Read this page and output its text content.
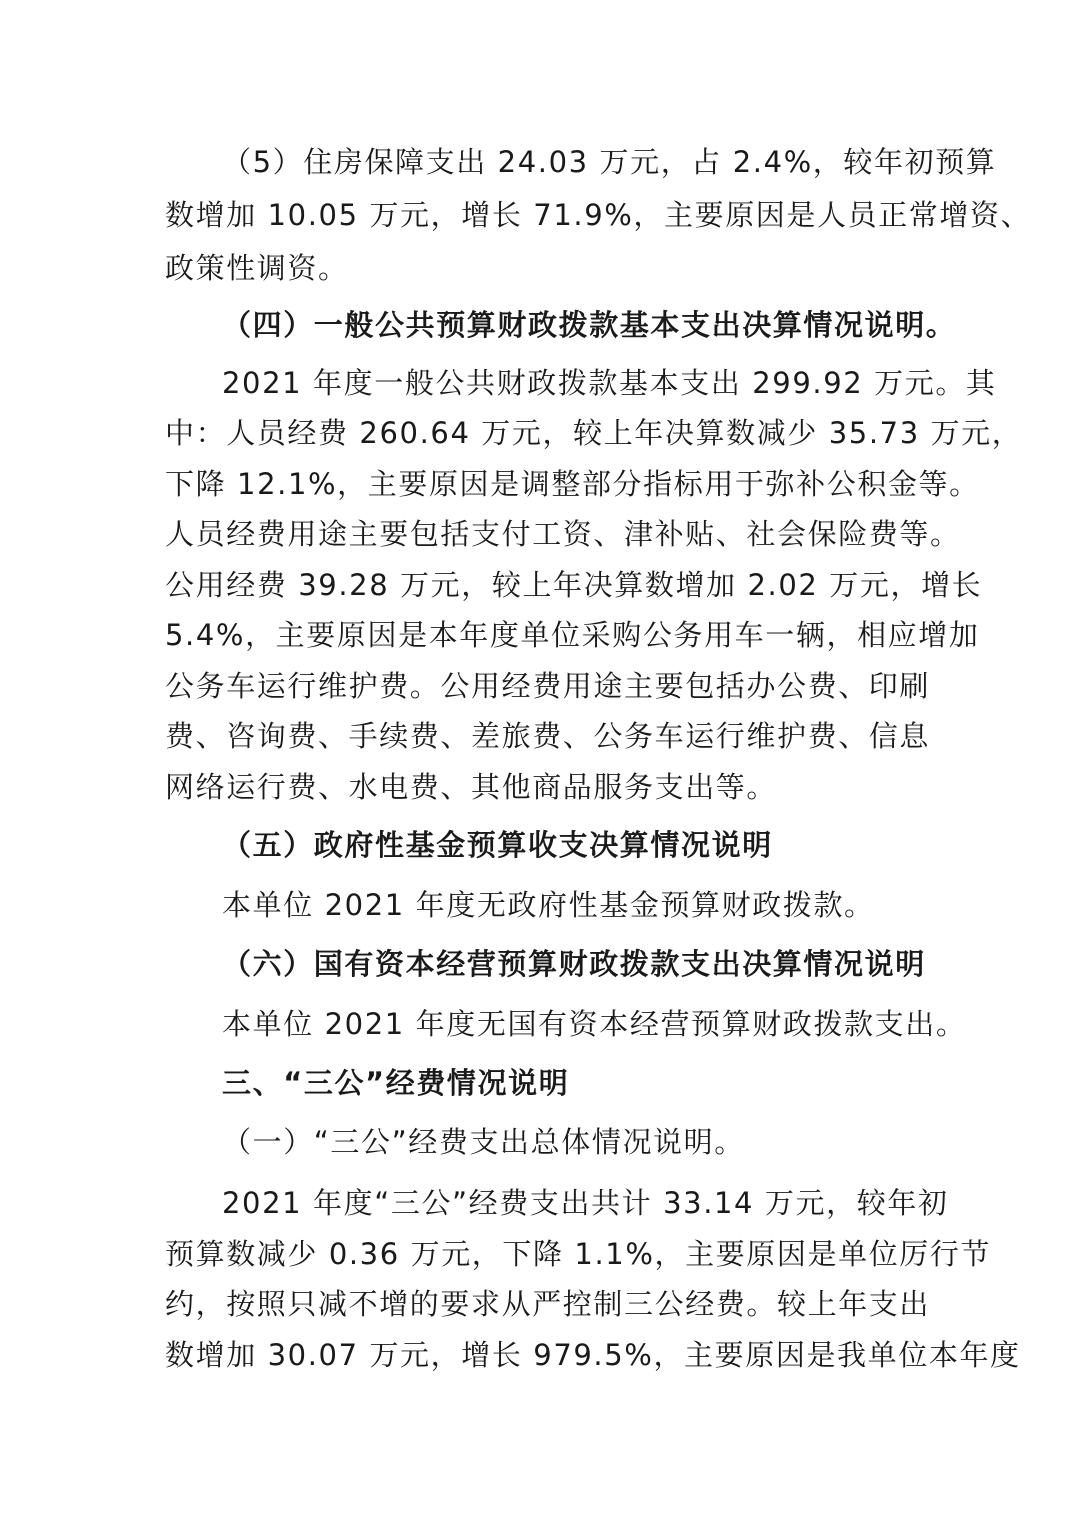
（5）住房保障支出 24.03 万元，占 2.4%，较年初预算
数增加 10.05 万元，增长 71.9%，主要原因是人员正常增资、
政策性调资。
（四）一般公共预算财政拨款基本支出决算情况说明。
2021 年度一般公共财政拨款基本支出 299.92 万元。其
中：人员经费 260.64 万元，较上年决算数减少 35.73 万元，
下降 12.1%，主要原因是调整部分指标用于弥补公积金等。
人员经费用途主要包括支付工资、津补贴、社会保险费等。
公用经费 39.28 万元，较上年决算数增加 2.02 万元，增长
5.4%，主要原因是本年度单位采购公务用车一辆，相应增加
公务车运行维护费。公用经费用途主要包括办公费、印刷
费、咨询费、手续费、差旅费、公务车运行维护费、信息
网络运行费、水电费、其他商品服务支出等。
（五）政府性基金预算收支决算情况说明
本单位 2021 年度无政府性基金预算财政拨款。
（六）国有资本经营预算财政拨款支出决算情况说明
本单位 2021 年度无国有资本经营预算财政拨款支出。
三、“三公”经费情况说明
（一）“三公”经费支出总体情况说明。
2021 年度“三公”经费支出共计 33.14 万元，较年初
预算数减少 0.36 万元，下降 1.1%，主要原因是单位厉行节
约，按照只减不增的要求从严控制三公经费。较上年支出
数增加 30.07 万元，增长 979.5%，主要原因是我单位本年度
